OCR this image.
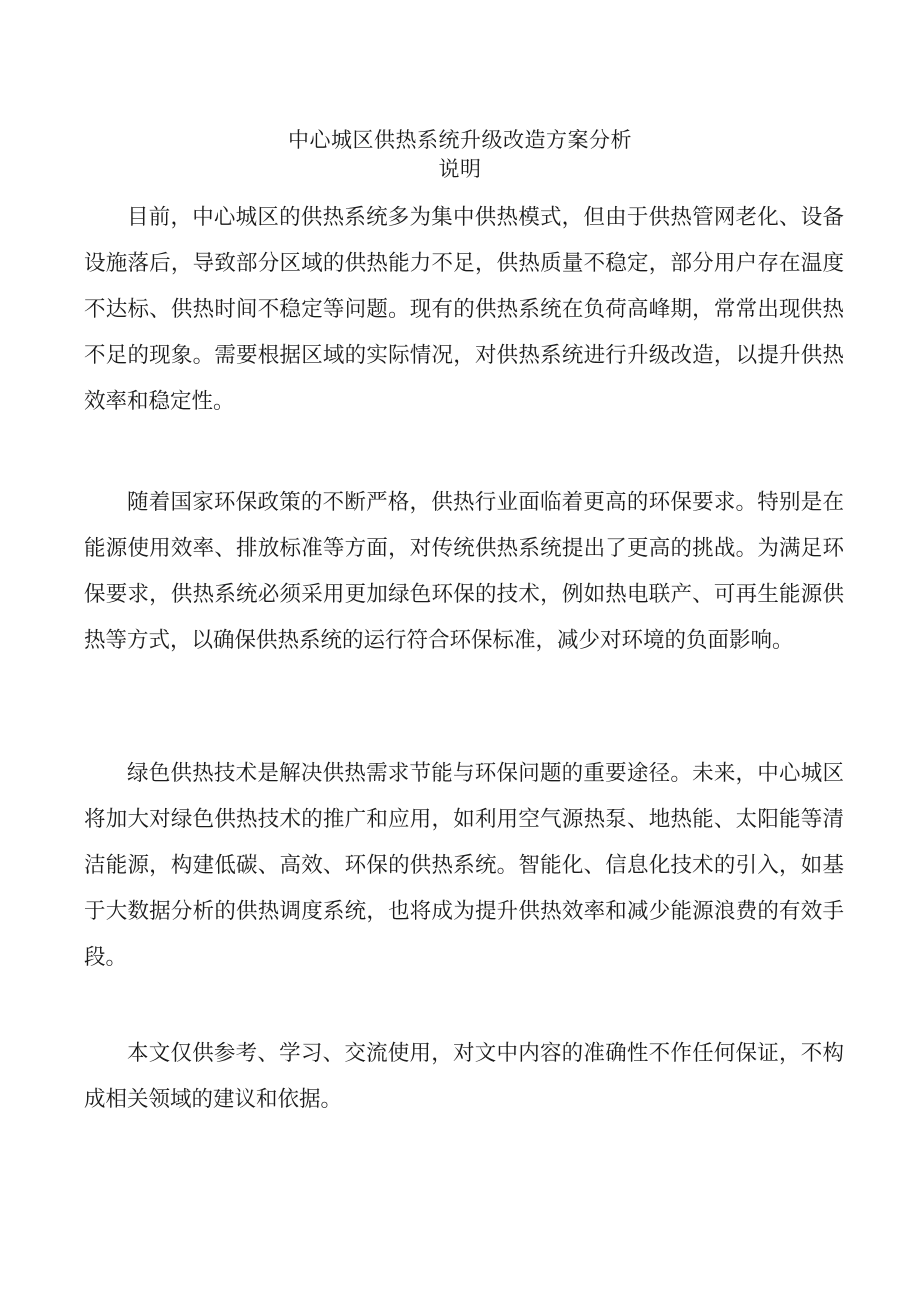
中心城区供热系统升级改造方案分析
说明

目前，中心城区的供热系统多为集中供热模式，但由于供热管网老化、设备设施落后，导致部分区域的供热能力不足，供热质量不稳定，部分用户存在温度不达标、供热时间不稳定等问题。现有的供热系统在负荷高峰期，常常出现供热不足的现象。需要根据区域的实际情况，对供热系统进行升级改造，以提升供热效率和稳定性。

随着国家环保政策的不断严格，供热行业面临着更高的环保要求。特别是在能源使用效率、排放标准等方面，对传统供热系统提出了更高的挑战。为满足环保要求，供热系统必须采用更加绿色环保的技术，例如热电联产、可再生能源供热等方式，以确保供热系统的运行符合环保标准，减少对环境的负面影响。

绿色供热技术是解决供热需求节能与环保问题的重要途径。未来，中心城区将加大对绿色供热技术的推广和应用，如利用空气源热泵、地热能、太阳能等清洁能源，构建低碳、高效、环保的供热系统。智能化、信息化技术的引入，如基于大数据分析的供热调度系统，也将成为提升供热效率和减少能源浪费的有效手段。

本文仅供参考、学习、交流使用，对文中内容的准确性不作任何保证，不构成相关领域的建议和依据。
